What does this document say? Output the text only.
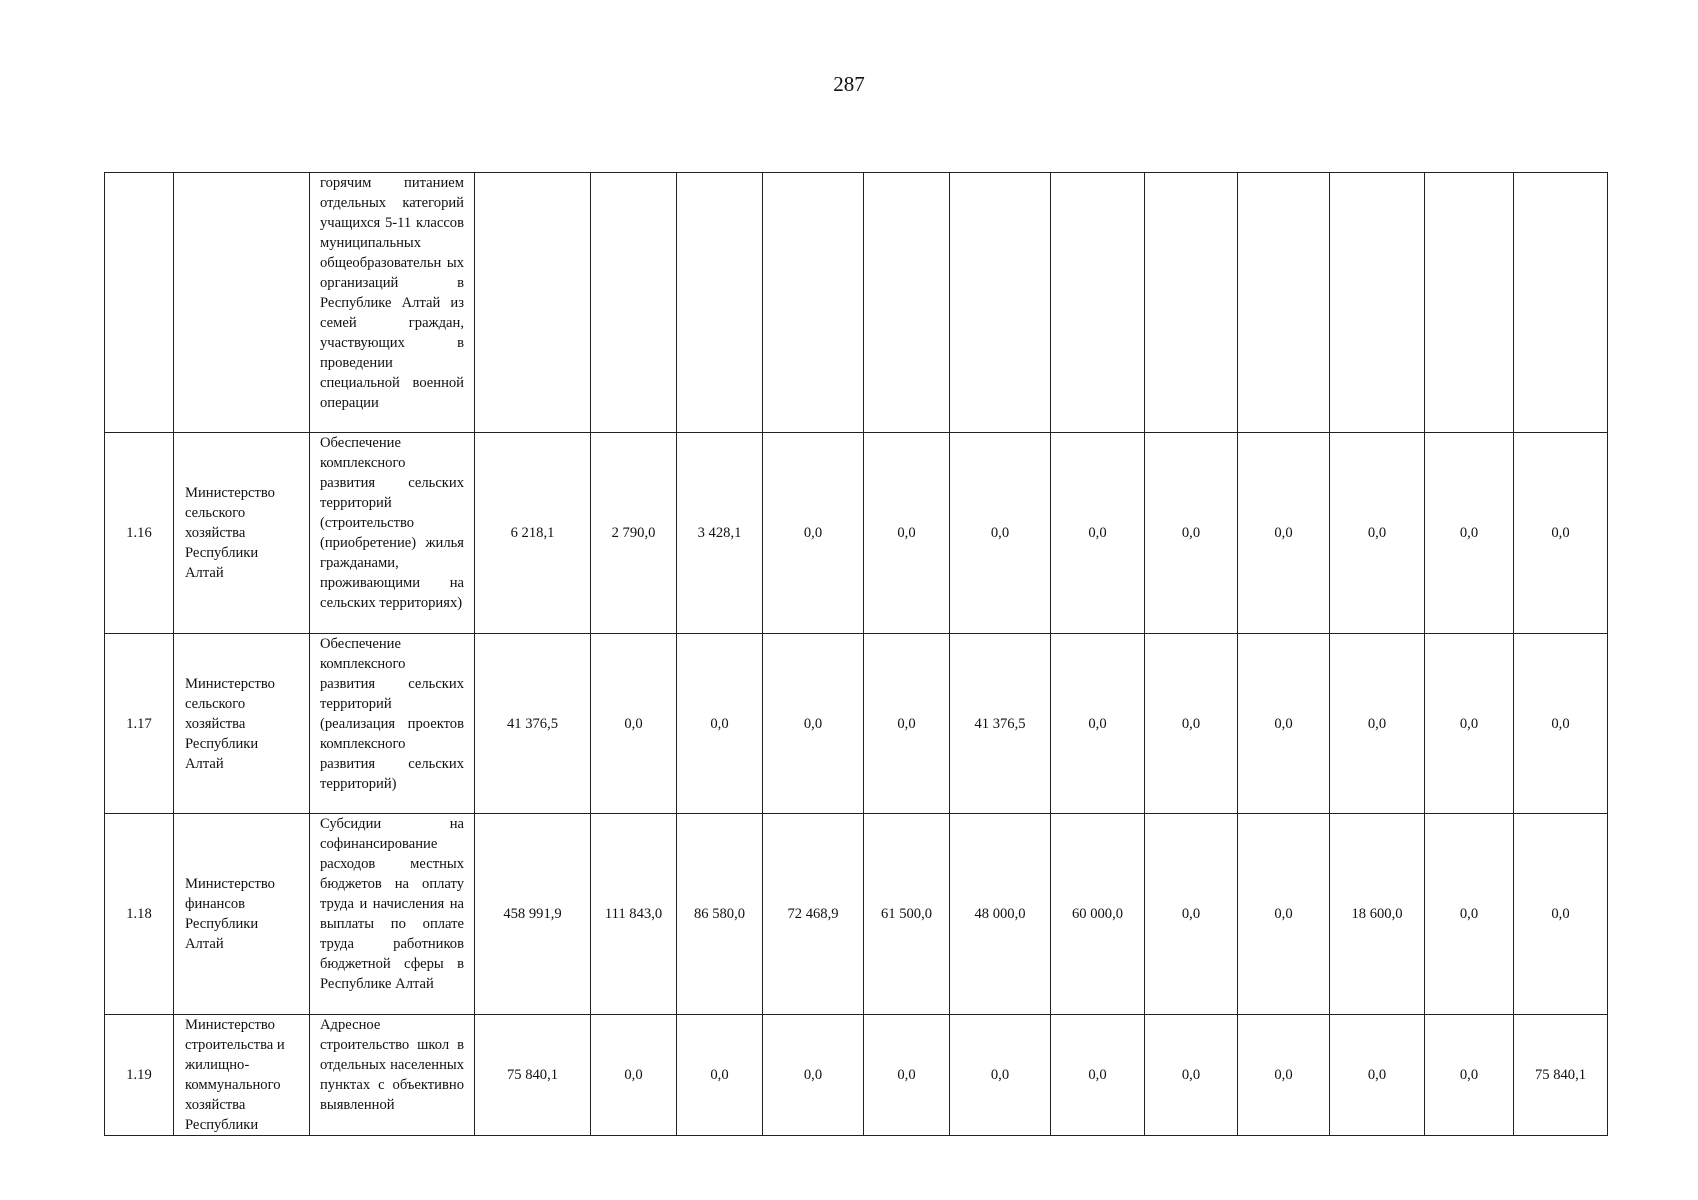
287
		горячим питанием отдельных категорий учащихся 5-11 классов муниципальных общеобразовательн ых организаций в Республике Алтай из семей граждан, участвующих в проведении специальной военной операции												
1.16	Министерство сельского хозяйства Республики Алтай	Обеспечение комплексного развития сельских территорий (строительство (приобретение) жилья гражданами, проживающими на сельских территориях)	6 218,1	2 790,0	3 428,1	0,0	0,0	0,0	0,0	0,0	0,0	0,0	0,0	0,0
1.17	Министерство сельского хозяйства Республики Алтай	Обеспечение комплексного развития сельских территорий (реализация проектов комплексного развития сельских территорий)	41 376,5	0,0	0,0	0,0	0,0	41 376,5	0,0	0,0	0,0	0,0	0,0	0,0
1.18	Министерство финансов Республики Алтай	Субсидии на софинансирование расходов местных бюджетов на оплату труда и начисления на выплаты по оплате труда работников бюджетной сферы в Республике Алтай	458 991,9	111 843,0	86 580,0	72 468,9	61 500,0	48 000,0	60 000,0	0,0	0,0	18 600,0	0,0	0,0
1.19	Министерство строительства и жилищно- коммунального хозяйства Республики	Адресное строительство школ в отдельных населенных пунктах с объективно выявленной	75 840,1	0,0	0,0	0,0	0,0	0,0	0,0	0,0	0,0	0,0	0,0	75 840,1
